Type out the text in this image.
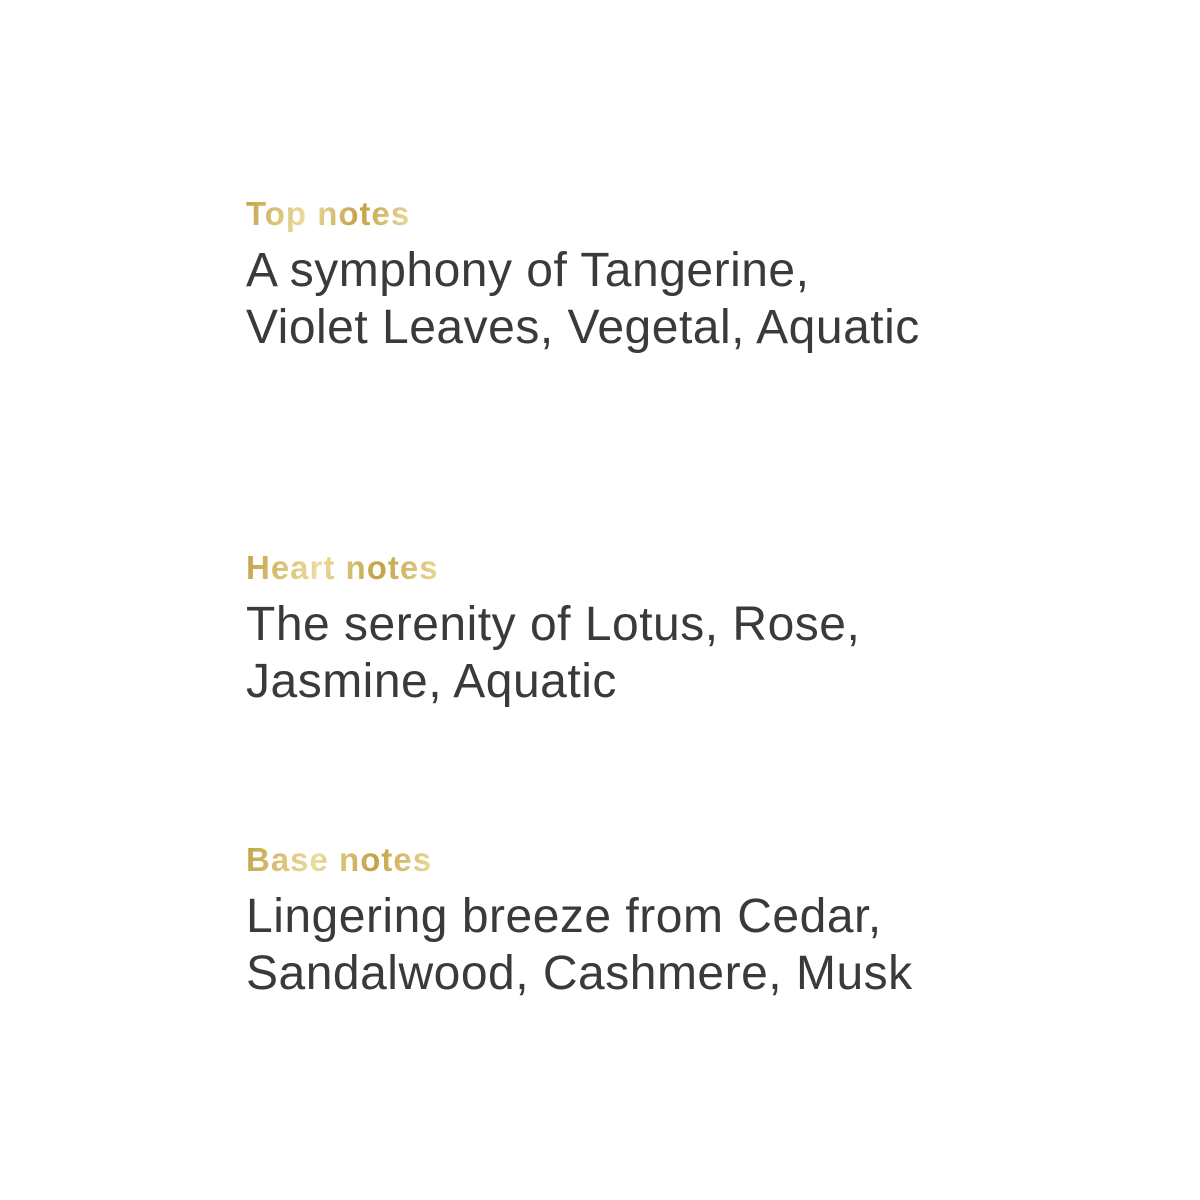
Top notes

A symphony of Tangerine,
Violet Leaves, Vegetal, Aquatic

Heart notes

The serenity of Lotus, Rose,
Jasmine, Aquatic

Base notes

Lingering breeze from Cedar,
Sandalwood, Cashmere, Musk
